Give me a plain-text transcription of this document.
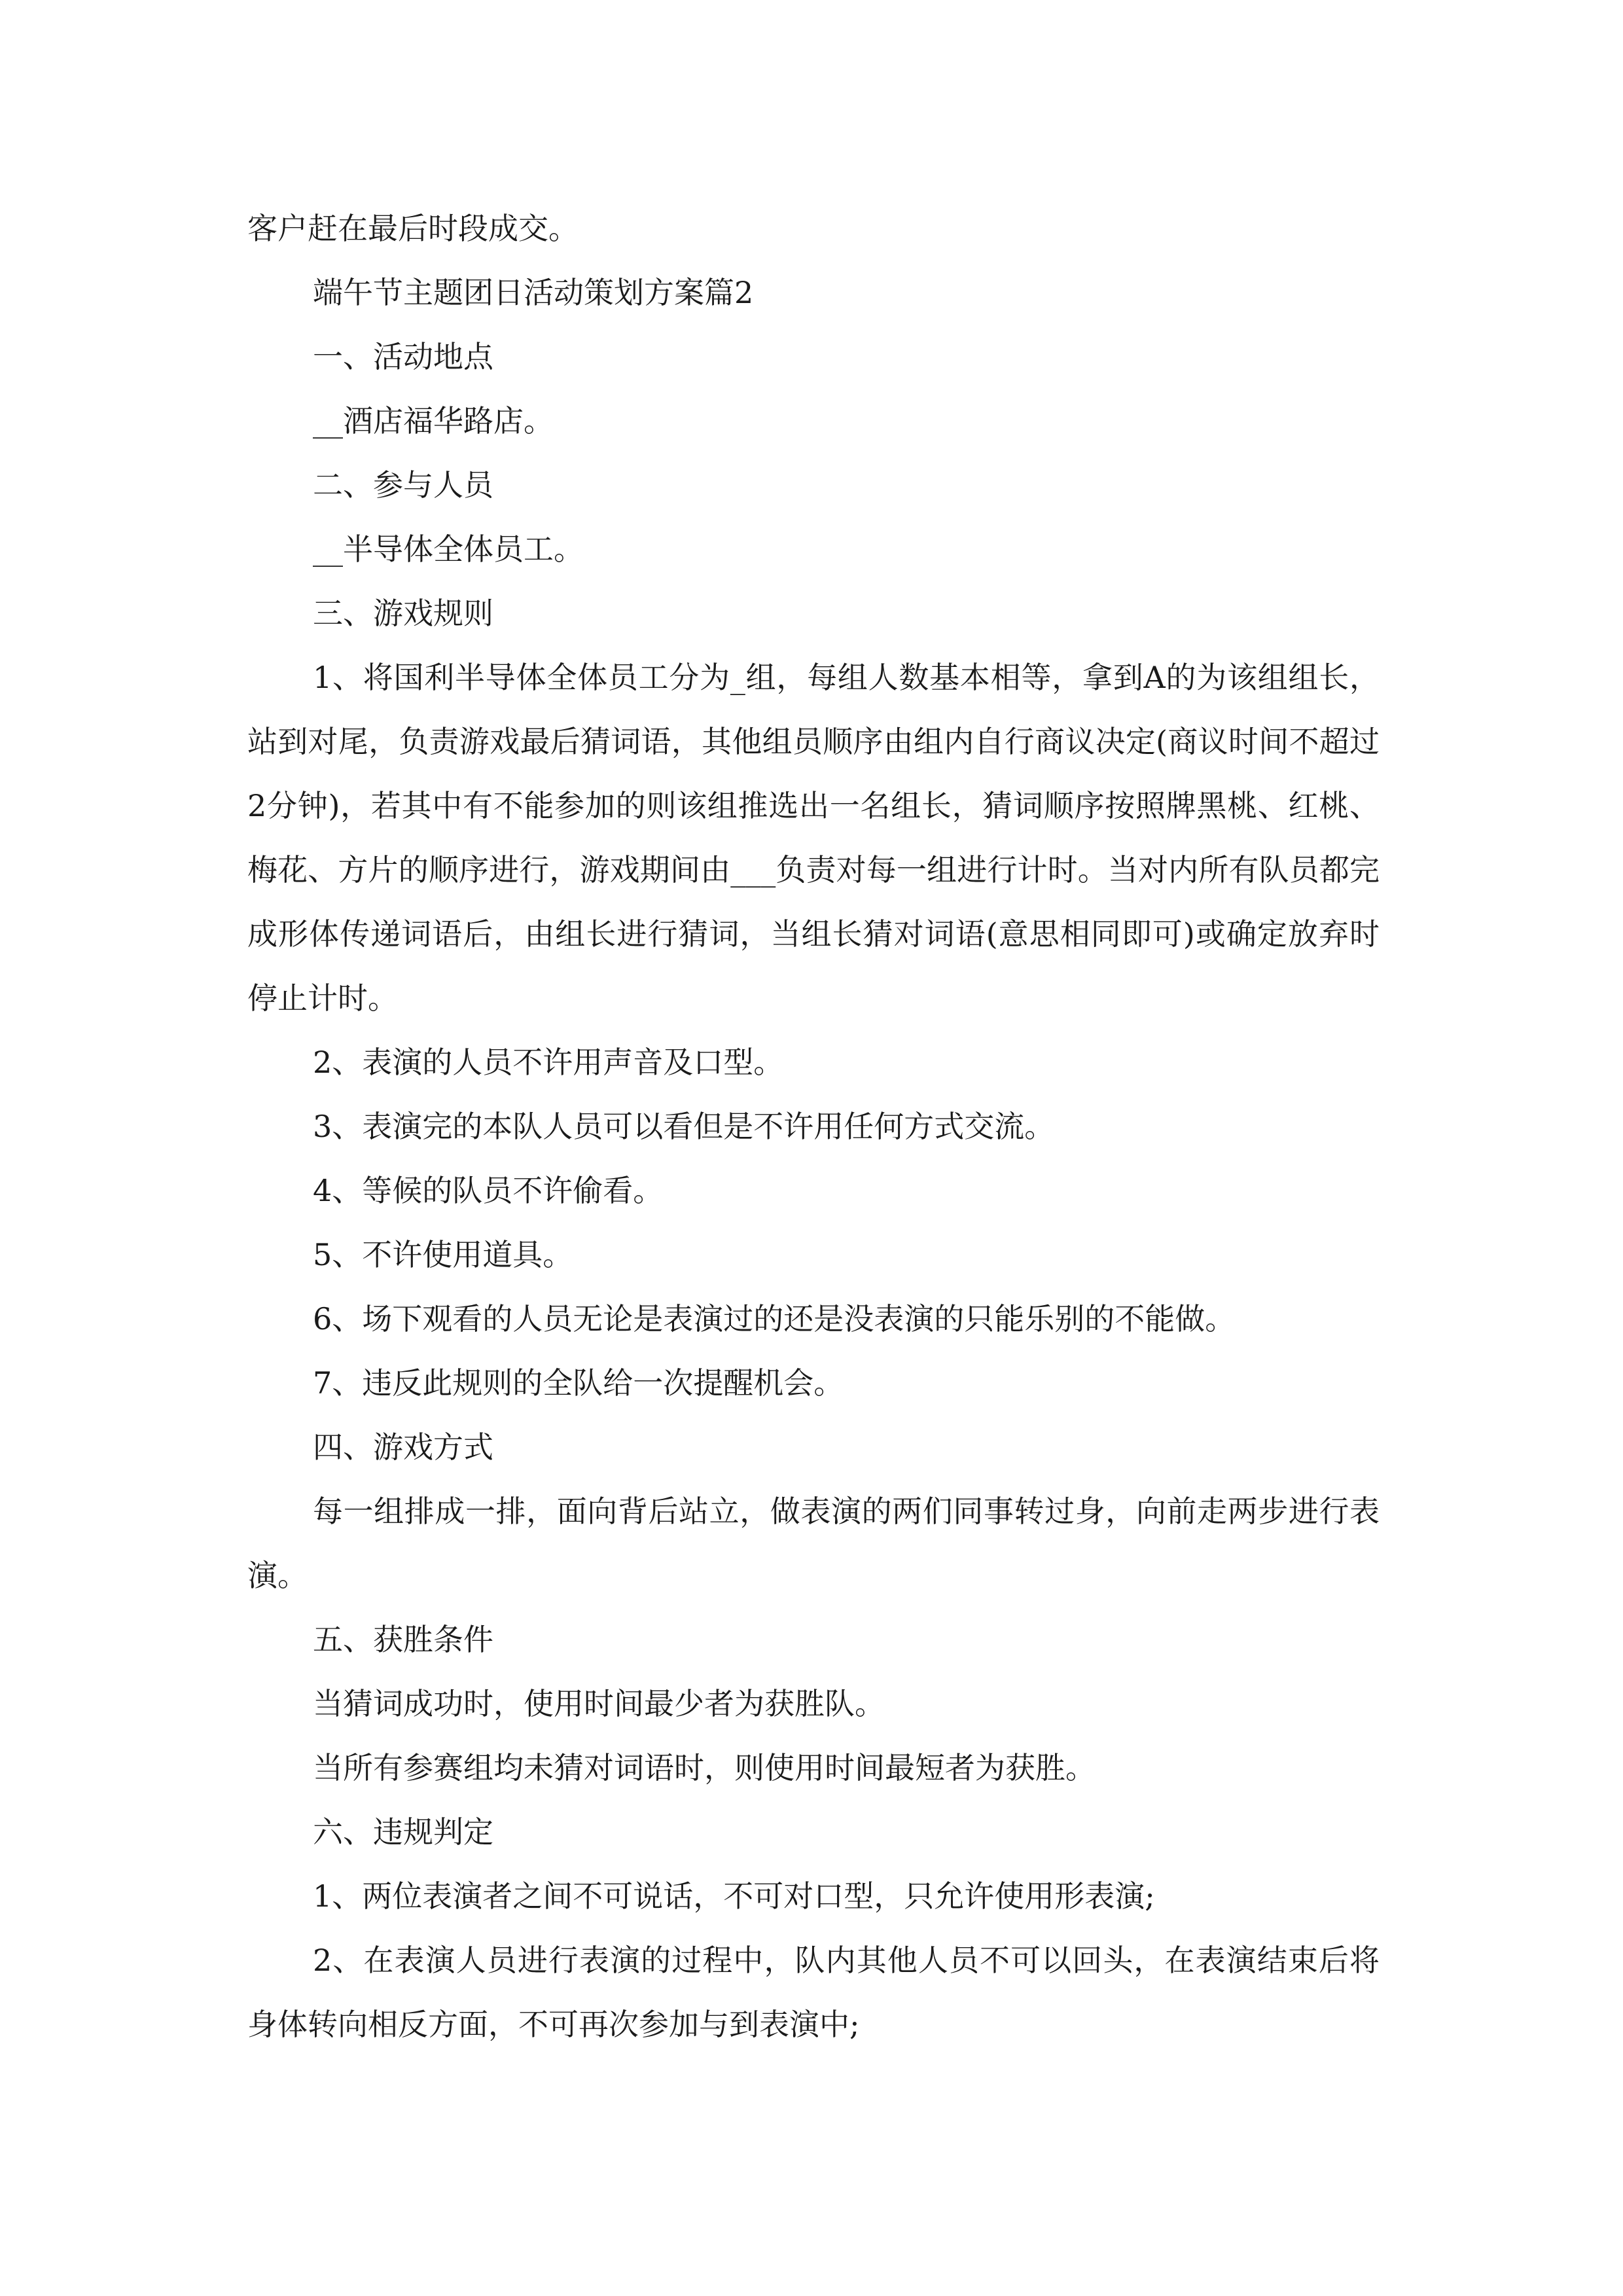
客户赶在最后时段成交。

端午节主题团日活动策划方案篇2

一、活动地点

__酒店福华路店。

二、参与人员

__半导体全体员工。

三、游戏规则

1、将国利半导体全体员工分为_组，每组人数基本相等，拿到A的为该组组长，站到对尾，负责游戏最后猜词语，其他组员顺序由组内自行商议决定(商议时间不超过2分钟)，若其中有不能参加的则该组推选出一名组长，猜词顺序按照牌黑桃、红桃、梅花、方片的顺序进行，游戏期间由___负责对每一组进行计时。当对内所有队员都完成形体传递词语后，由组长进行猜词，当组长猜对词语(意思相同即可)或确定放弃时停止计时。

2、表演的人员不许用声音及口型。

3、表演完的本队人员可以看但是不许用任何方式交流。

4、等候的队员不许偷看。

5、不许使用道具。

6、场下观看的人员无论是表演过的还是没表演的只能乐别的不能做。

7、违反此规则的全队给一次提醒机会。

四、游戏方式

每一组排成一排，面向背后站立，做表演的两们同事转过身，向前走两步进行表演。

五、获胜条件

当猜词成功时，使用时间最少者为获胜队。

当所有参赛组均未猜对词语时，则使用时间最短者为获胜。

六、违规判定

1、两位表演者之间不可说话，不可对口型，只允许使用形表演;

2、在表演人员进行表演的过程中，队内其他人员不可以回头，在表演结束后将身体转向相反方面，不可再次参加与到表演中;
